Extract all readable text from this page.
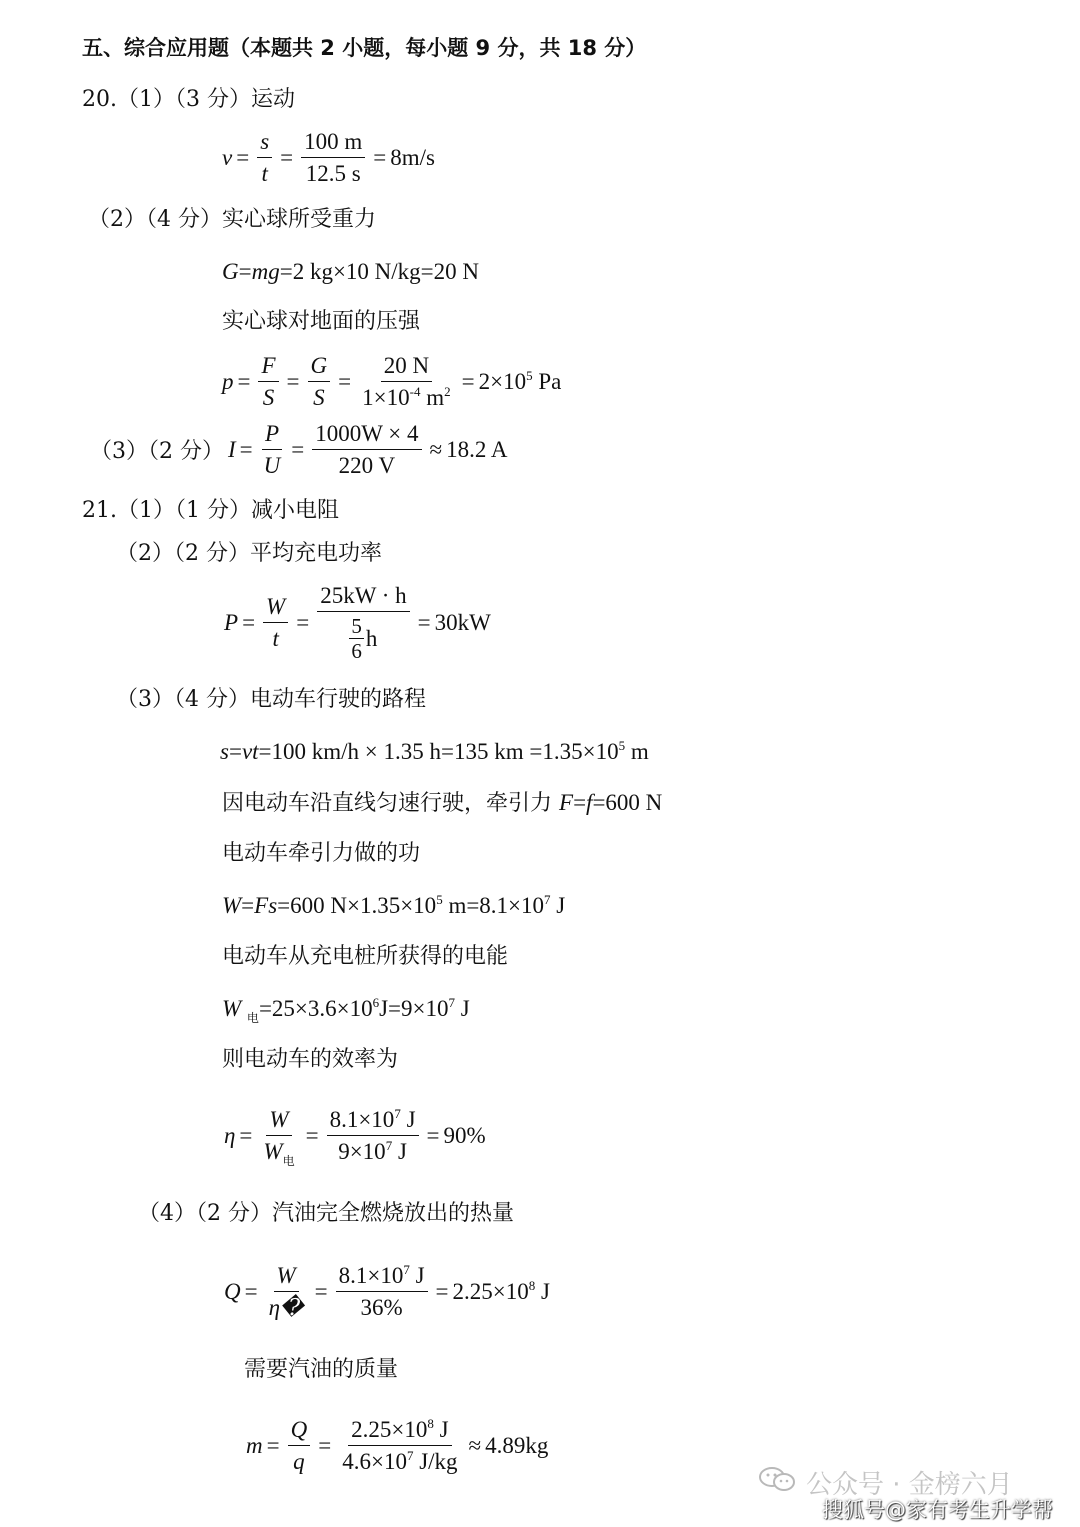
五、综合应用题（本题共 2 小题，每小题 9 分，共 18 分）
20.（1）（3 分）运动
$v = \frac{s}{t} = \frac{100 m}{12.5 s} = 8m/s$
（2）（4 分）实心球所受重力
G=mg=2 kg×10 N/kg=20 N
实心球对地面的压强
$p = \frac{F}{S} = \frac{G}{S} = \frac{20 N}{1\times 10^{-4} m^2} = 2\times 10^5$ Pa
（3）（2 分） $I = \frac{P}{U} = \frac{1000W \times 4}{220 V} \approx 18.2$ A
21.（1）（1 分）减小电阻
（2）（2 分）平均充电功率
$P = \frac{W}{t} = \frac{25kW \cdot h}{\frac{5}{6} h} = 30kW$
（3）（4 分）电动车行驶的路程
s=vt=100 km/h × 1.35 h=135 km $=1.35\times 10^5$ m
因电动车沿直线匀速行驶，牵引力 F=f=600 N
电动车牵引力做的功
W=Fs=600 $N\times 1.35\times 10^5$ $m=8.1\times 10^7$ J
电动车从充电桩所获得的电能
W $_电=25\times 3.6\times 10^6J=9\times 10^7$ J
则电动车的效率为
$\eta = \frac{W}{W_电} = \frac{8.1\times 10^7 J}{9\times 10^7 J} = 90\%$
（4）（2 分）汽油完全燃烧放出的热量
$Q = \frac{W}{\eta�} = \frac{8.1\times 10^7 J}{36\%} = 2.25\times 10^8$ J
需要汽油的质量
$m = \frac{Q}{q} = \frac{2.25\times 10^8 J}{4.6\times 10^7 J/kg} \approx 4.89kg$
公众号 · 金榜六月
搜狐号@家有考生升学帮
